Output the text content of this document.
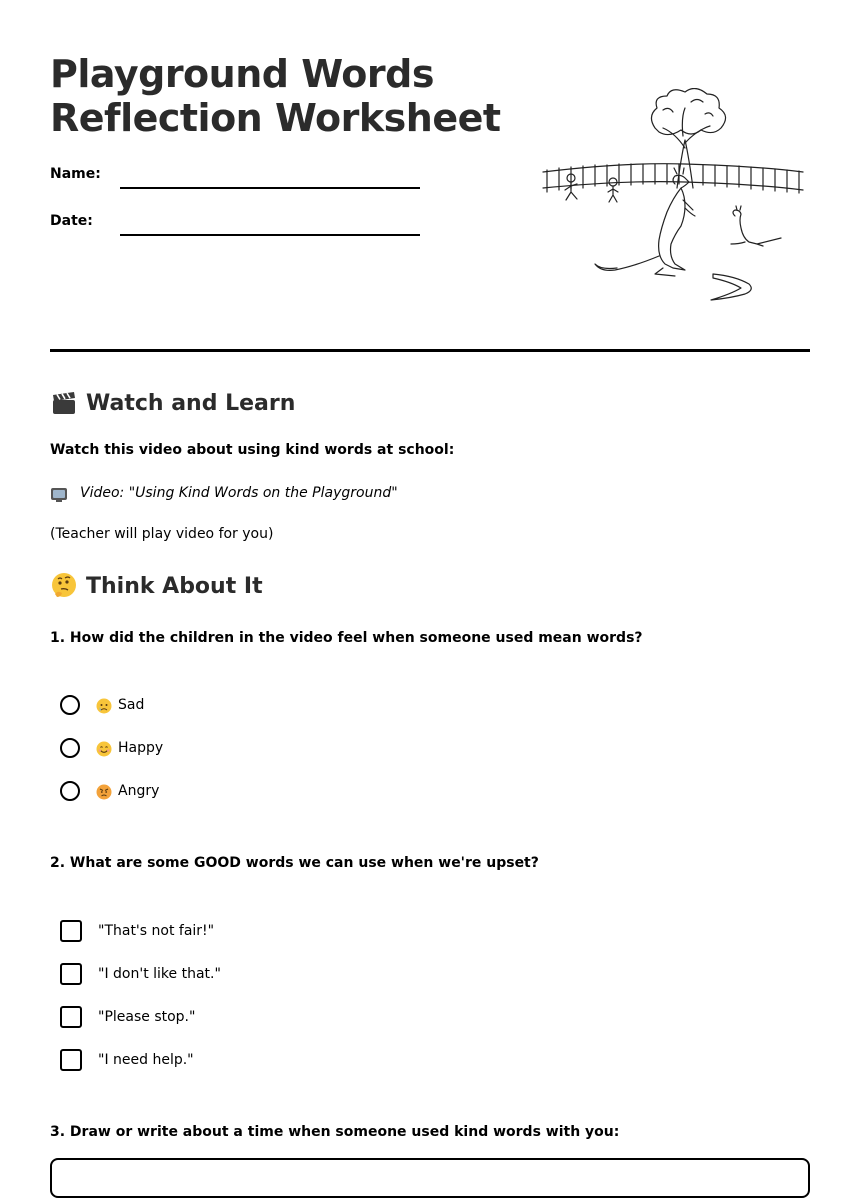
Playground Words
Reflection Worksheet
Name:
Date:
Watch and Learn
Watch this video about using kind words at school:
Video: "Using Kind Words on the Playground"
(Teacher will play video for you)
Think About It
1. How did the children in the video feel when someone used mean words?
Sad
Happy
Angry
2. What are some GOOD words we can use when we're upset?
"That's not fair!"
"I don't like that."
"Please stop."
"I need help."
3. Draw or write about a time when someone used kind words with you:
